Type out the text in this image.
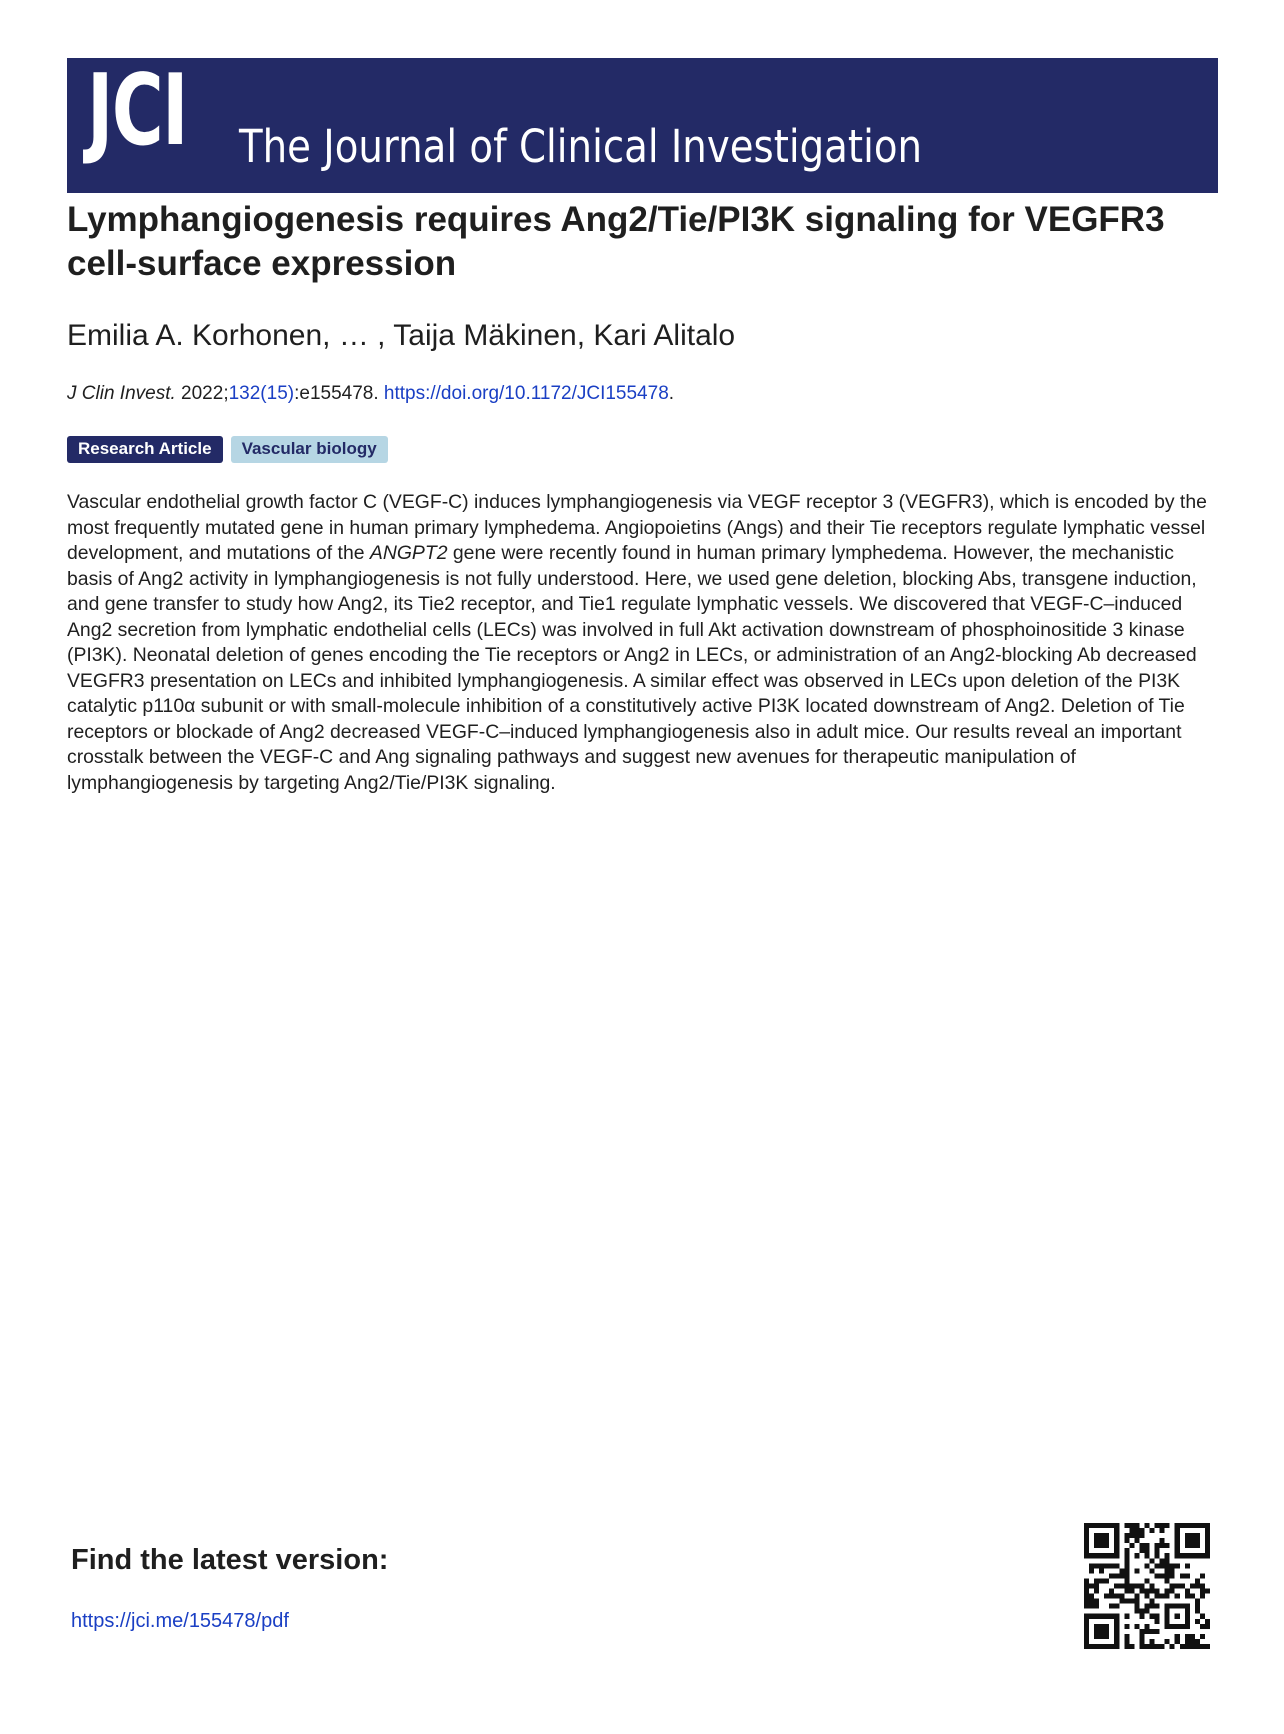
JCI The Journal of Clinical Investigation
Lymphangiogenesis requires Ang2/Tie/PI3K signaling for VEGFR3 cell-surface expression

Emilia A. Korhonen, … , Taija Mäkinen, Kari Alitalo

J Clin Invest. 2022;132(15):e155478. https://doi.org/10.1172/JCI155478.

Research Article	Vascular biology

Vascular endothelial growth factor C (VEGF-C) induces lymphangiogenesis via VEGF receptor 3 (VEGFR3), which is encoded by the most frequently mutated gene in human primary lymphedema. Angiopoietins (Angs) and their Tie receptors regulate lymphatic vessel development, and mutations of the ANGPT2 gene were recently found in human primary lymphedema. However, the mechanistic basis of Ang2 activity in lymphangiogenesis is not fully understood. Here, we used gene deletion, blocking Abs, transgene induction, and gene transfer to study how Ang2, its Tie2 receptor, and Tie1 regulate lymphatic vessels. We discovered that VEGF-C–induced Ang2 secretion from lymphatic endothelial cells (LECs) was involved in full Akt activation downstream of phosphoinositide 3 kinase (PI3K). Neonatal deletion of genes encoding the Tie receptors or Ang2 in LECs, or administration of an Ang2-blocking Ab decreased VEGFR3 presentation on LECs and inhibited lymphangiogenesis. A similar effect was observed in LECs upon deletion of the PI3K catalytic p110α subunit or with small-molecule inhibition of a constitutively active PI3K located downstream of Ang2. Deletion of Tie receptors or blockade of Ang2 decreased VEGF-C–induced lymphangiogenesis also in adult mice. Our results reveal an important crosstalk between the VEGF-C and Ang signaling pathways and suggest new avenues for therapeutic manipulation of lymphangiogenesis by targeting Ang2/Tie/PI3K signaling.

Find the latest version:
https://jci.me/155478/pdf
